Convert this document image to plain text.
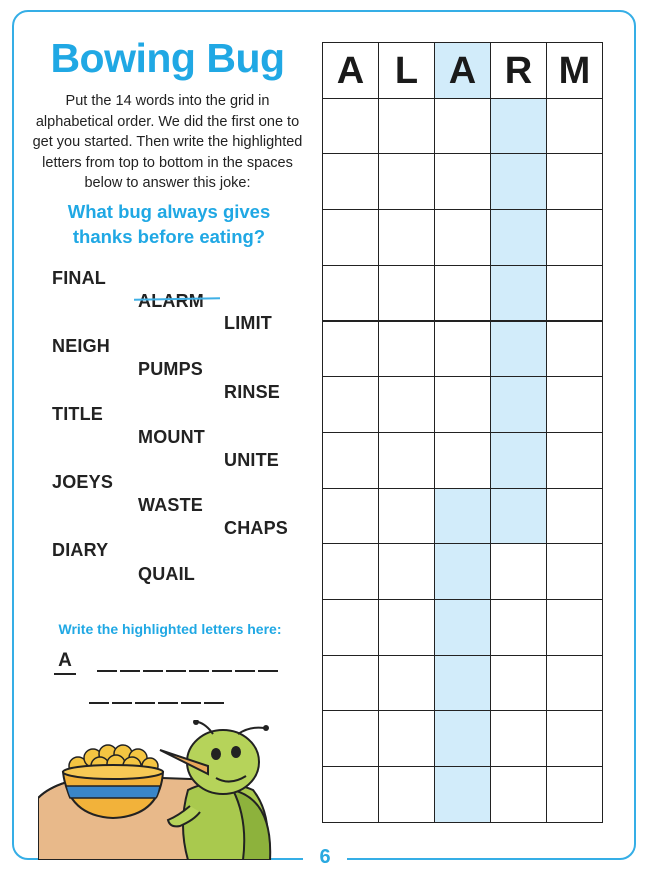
6
Bowing Bug
Put the 14 words into the grid in alphabetical order. We did the first one to get you started. Then write the highlighted letters from top to bottom in the spaces below to answer this joke:
What bug always gives thanks before eating?
FINAL
ALARM
LIMIT
NEIGH
PUMPS
RINSE
TITLE
MOUNT
UNITE
JOEYS
WASTE
CHAPS
DIARY
QUAIL
Write the highlighted letters here:
A
A L A R M
